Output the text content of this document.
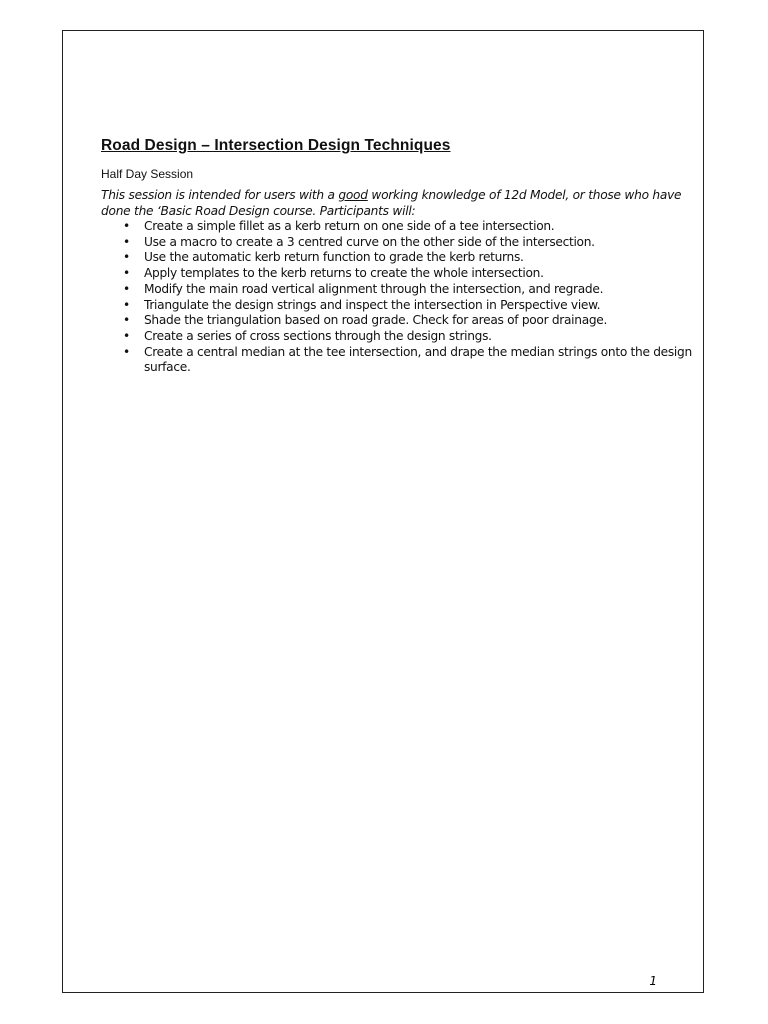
Road Design – Intersection Design Techniques
Half Day Session

This session is intended for users with a good working knowledge of 12d Model, or those who have done the ‘Basic Road Design course. Participants will:

• Create a simple fillet as a kerb return on one side of a tee intersection.
• Use a macro to create a 3 centred curve on the other side of the intersection.
• Use the automatic kerb return function to grade the kerb returns.
• Apply templates to the kerb returns to create the whole intersection.
• Modify the main road vertical alignment through the intersection, and regrade.
• Triangulate the design strings and inspect the intersection in Perspective view.
• Shade the triangulation based on road grade. Check for areas of poor drainage.
• Create a series of cross sections through the design strings.
• Create a central median at the tee intersection, and drape the median strings onto the design surface.
1
